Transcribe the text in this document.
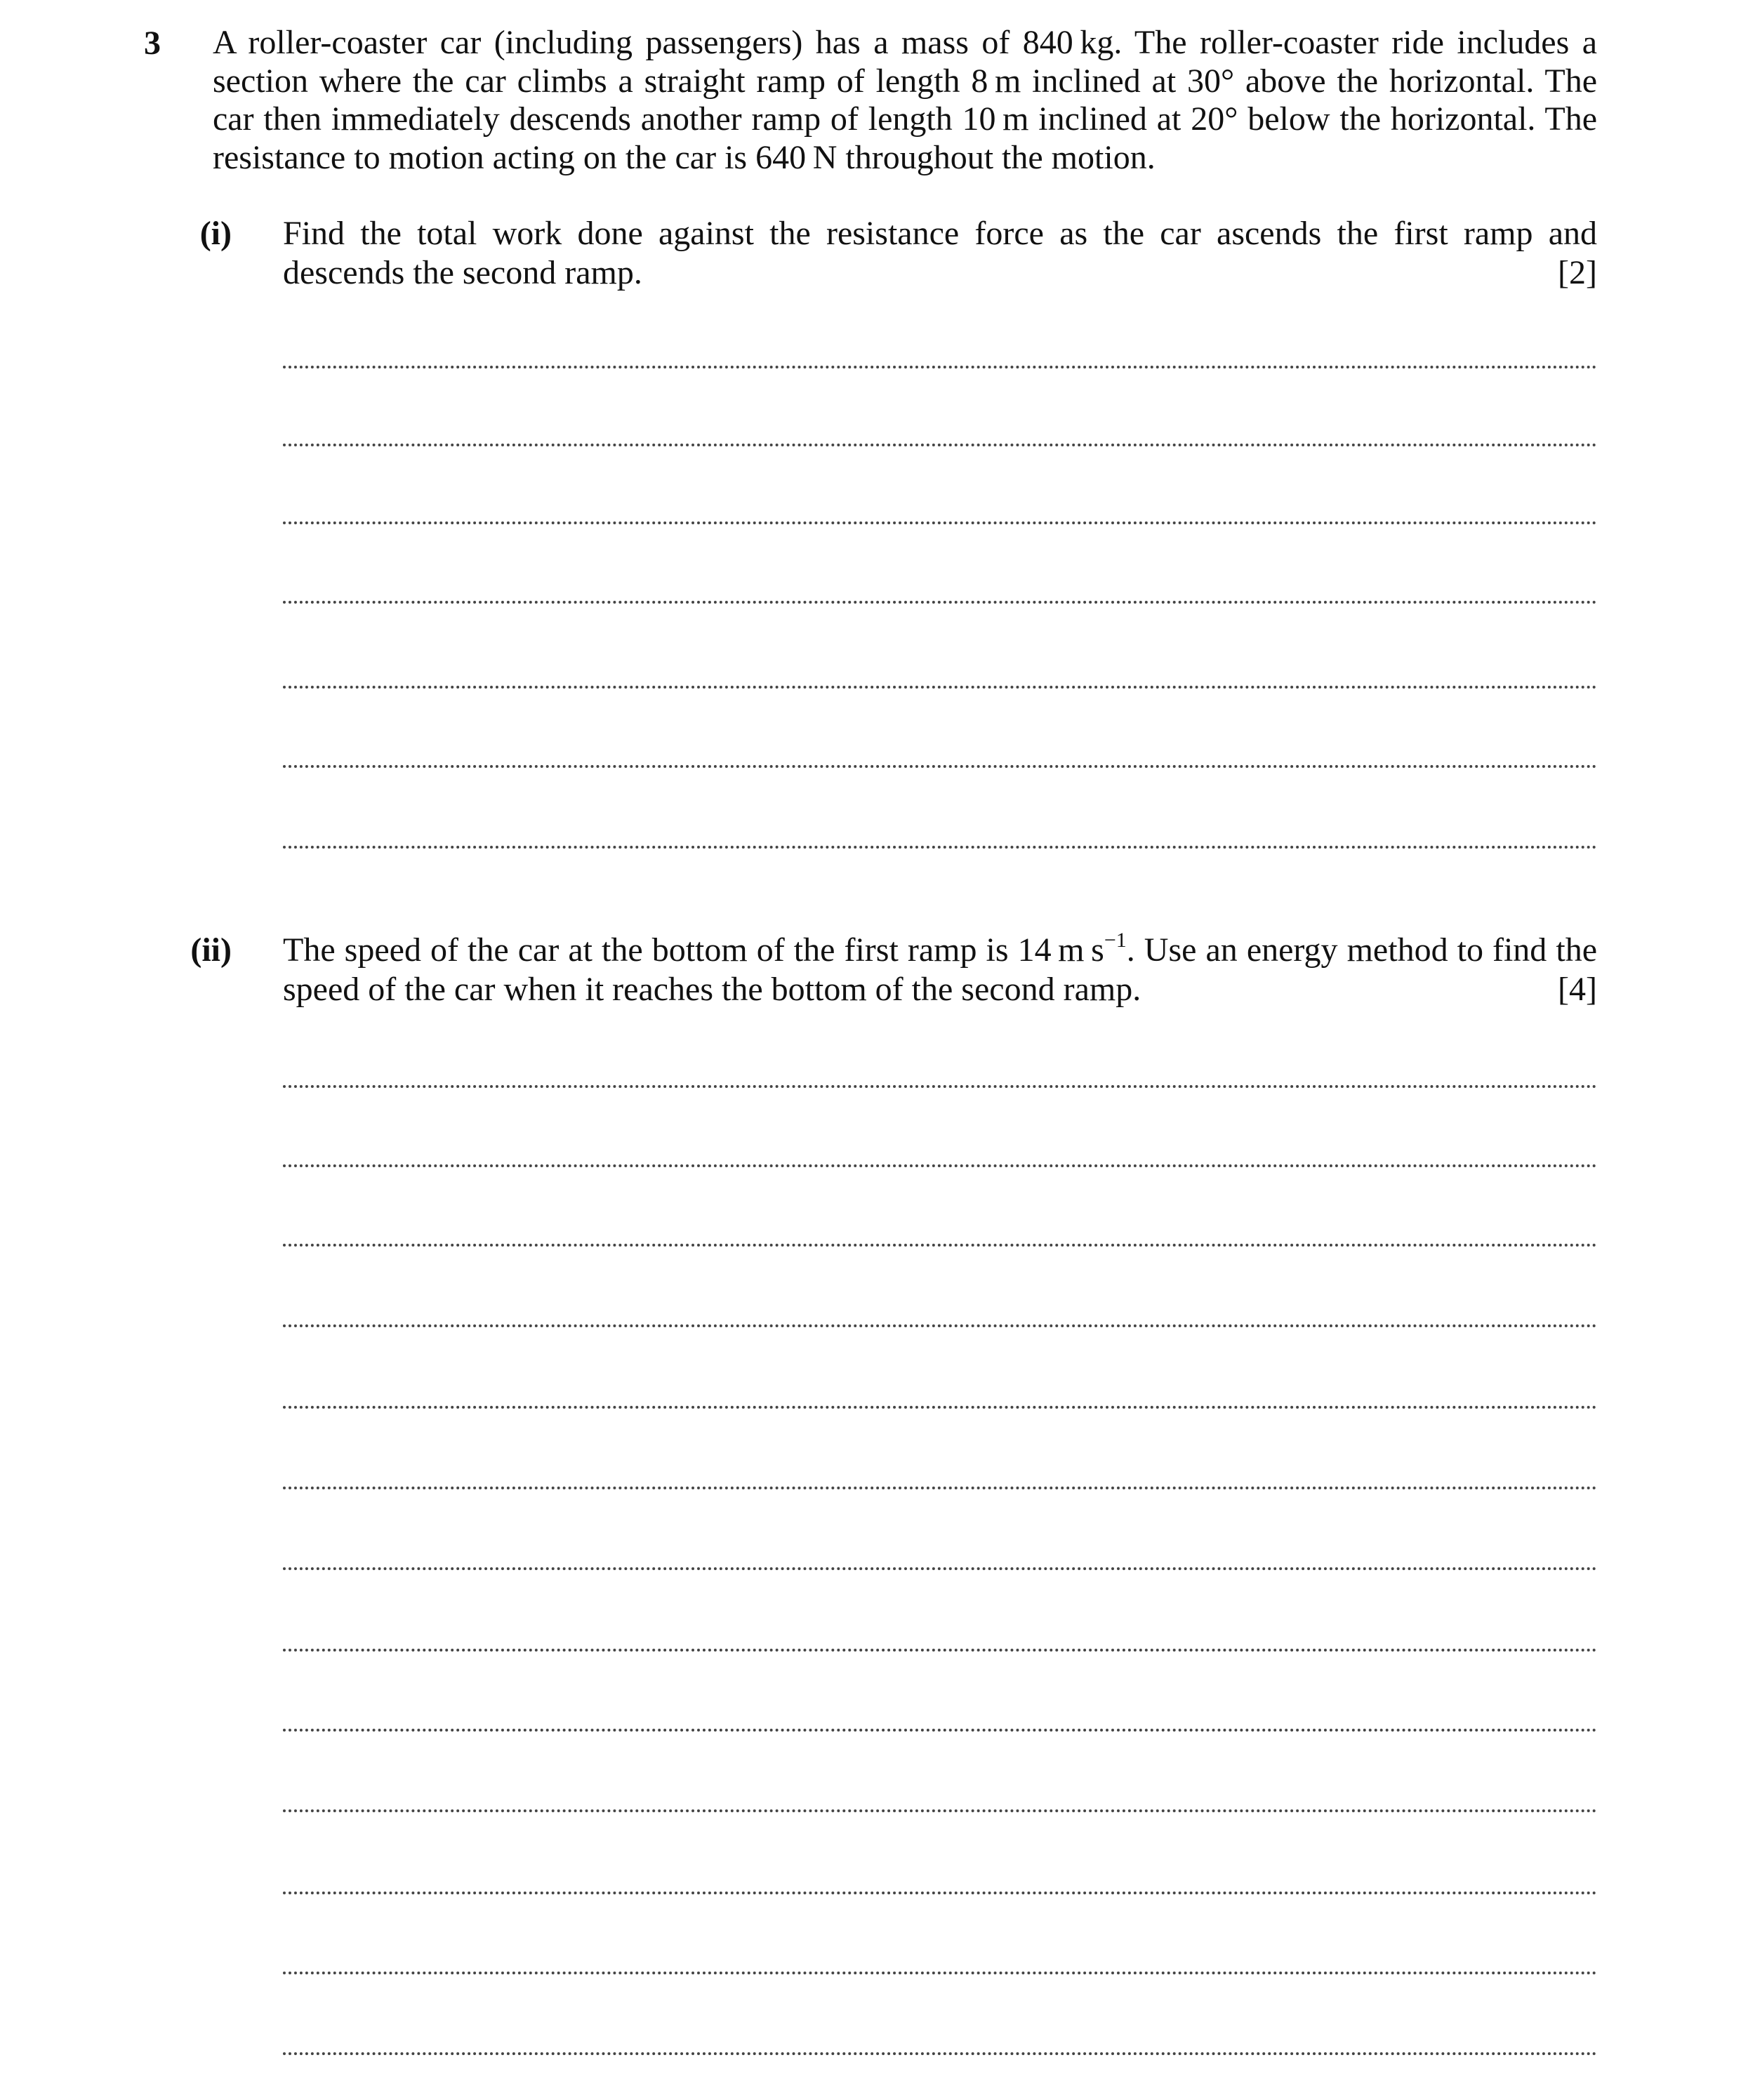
3 A roller-coaster car (including passengers) has a mass of 840 kg. The roller-coaster ride includes a section where the car climbs a straight ramp of length 8 m inclined at 30° above the horizontal. The car then immediately descends another ramp of length 10 m inclined at 20° below the horizontal. The resistance to motion acting on the car is 640 N throughout the motion.
(i) Find the total work done against the resistance force as the car ascends the first ramp and descends the second ramp.	[2]
(ii) The speed of the car at the bottom of the first ramp is 14 m $s^{-1}$. Use an energy method to find the speed of the car when it reaches the bottom of the second ramp.	[4]
